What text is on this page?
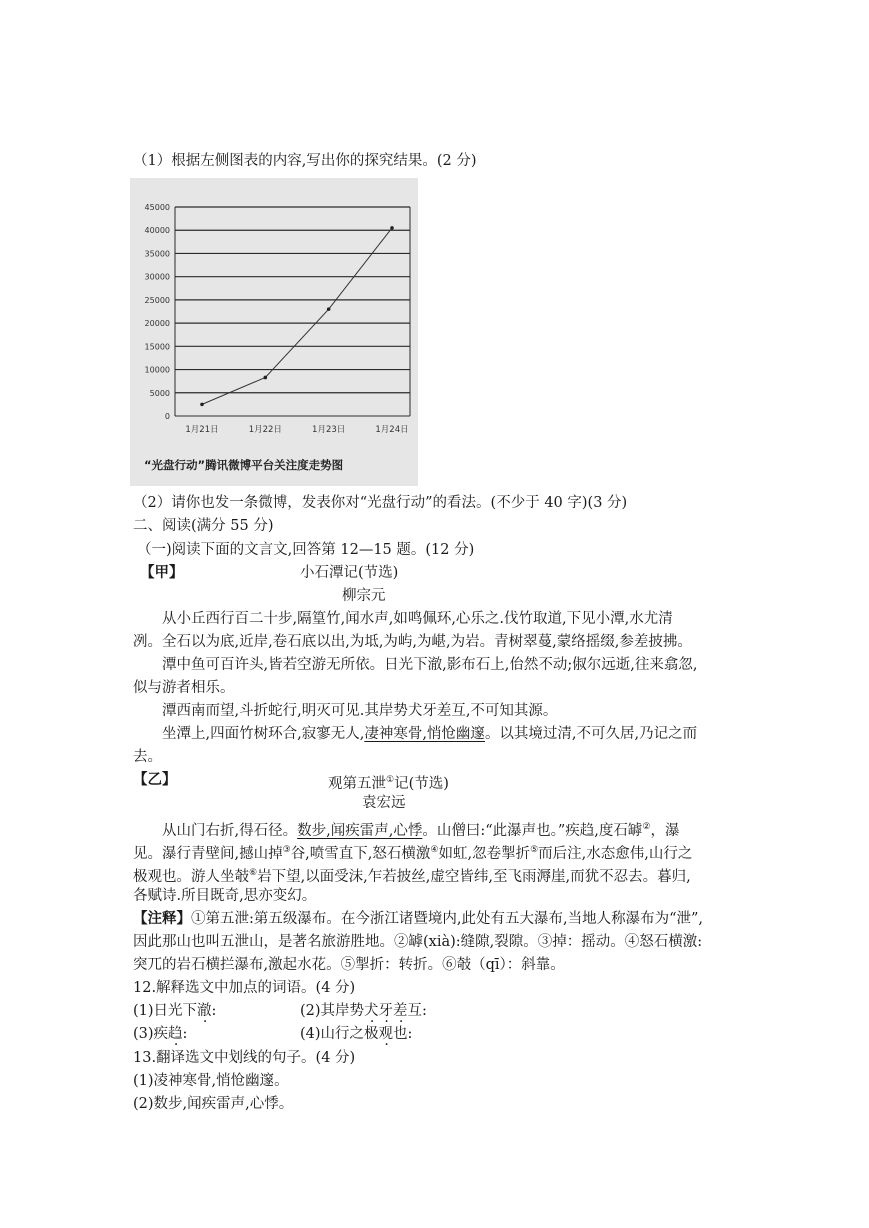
（1）根据左侧图表的内容,写出你的探究结果。(2 分)
0
5000
10000
15000
20000
25000
30000
35000
40000
45000
1月21日	1月22日	1月23日	1月24日
“光盘行动”腾讯微博平台关注度走势图
（2）请你也发一条微博，发表你对“光盘行动”的看法。(不少于 40 字)(3 分)
二、阅读(满分 55 分)
（一)阅读下面的文言文,回答第 12—15 题。(12 分)
【甲】	小石潭记(节选)
柳宗元
从小丘西行百二十步,隔篁竹,闻水声,如鸣佩环,心乐之.伐竹取道,下见小潭,水尤清
冽。全石以为底,近岸,卷石底以出,为坻,为屿,为嵁,为岩。青树翠蔓,蒙络摇缀,参差披拂。
潭中鱼可百许头,皆若空游无所依。日光下澈,影布石上,佁然不动;俶尔远逝,往来翕忽,
似与游者相乐。
潭西南而望,斗折蛇行,明灭可见.其岸势犬牙差互,不可知其源。
坐潭上,四面竹树环合,寂寥无人,凄神寒骨,悄怆幽邃。以其境过清,不可久居,乃记之而
去。
【乙】	观第五泄①记(节选)
袁宏远
从山门右折,得石径。数步,闻疾雷声,心悸。山僧曰:“此瀑声也。”疾趋,度石罅②，瀑
见。瀑行青壁间,撼山掉③谷,喷雪直下,怒石横激④如虹,忽卷掣折⑤而后注,水态愈伟,山行之
极观也。游人坐攲⑥岩下望,以面受沫,乍若披丝,虚空皆纬,至飞雨溽崖,而犹不忍去。暮归,
各赋诗.所目既奇,思亦变幻。
【注释】①第五泄:第五级瀑布。在今浙江诸暨境内,此处有五大瀑布,当地人称瀑布为“泄”,
因此那山也叫五泄山，是著名旅游胜地。②罅(xià):缝隙,裂隙。③掉：摇动。④怒石横激:
突兀的岩石横拦瀑布,激起水花。⑤掣折：转折。⑥攲（qī）：斜靠。
12.解释选文中加点的词语。(4 分)
(1)日光下澈:	(2)其岸势犬牙差互:
(3)疾趋:	(4)山行之极观也:
13.翻译选文中划线的句子。(4 分)
(1)凌神寒骨,悄怆幽邃。
(2)数步,闻疾雷声,心悸。
